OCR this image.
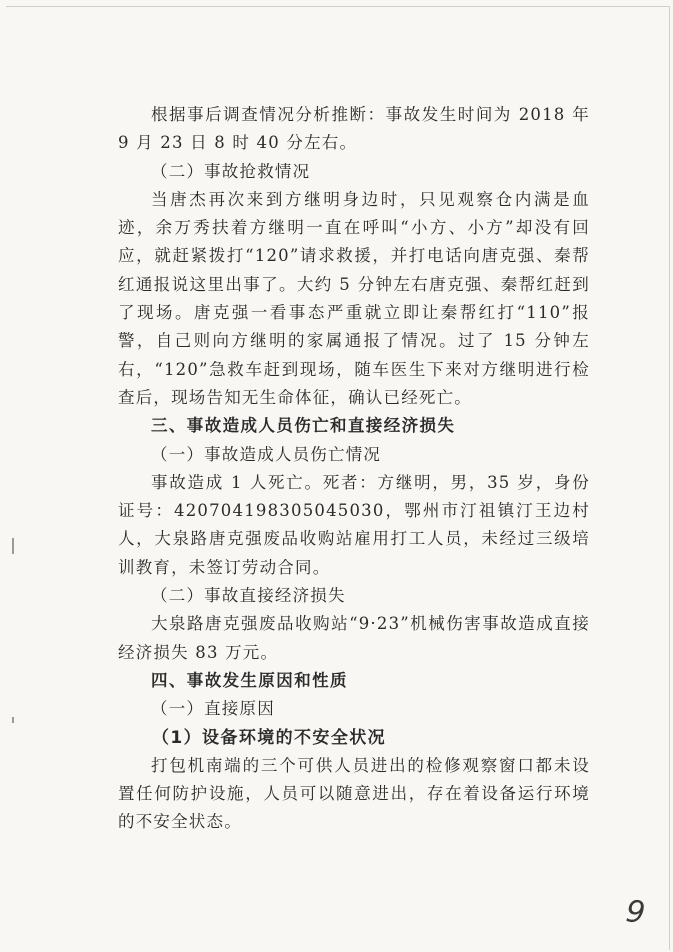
根据事后调查情况分析推断：事故发生时间为 2018 年 9 月 23 日 8 时 40 分左右。

（二）事故抢救情况

当唐杰再次来到方继明身边时，只见观察仓内满是血迹，余万秀扶着方继明一直在呼叫“小方、小方”却没有回应，就赶紧拨打“120”请求救援，并打电话向唐克强、秦帮红通报说这里出事了。大约 5 分钟左右唐克强、秦帮红赶到了现场。唐克强一看事态严重就立即让秦帮红打“110”报警，自己则向方继明的家属通报了情况。过了 15 分钟左右，“120”急救车赶到现场，随车医生下来对方继明进行检查后，现场告知无生命体征，确认已经死亡。

三、事故造成人员伤亡和直接经济损失

（一）事故造成人员伤亡情况

事故造成 1 人死亡。死者：方继明，男，35 岁，身份证号：420704198305045030，鄂州市汀祖镇汀王边村人，大泉路唐克强废品收购站雇用打工人员，未经过三级培训教育，未签订劳动合同。

（二）事故直接经济损失

大泉路唐克强废品收购站“9·23”机械伤害事故造成直接经济损失 83 万元。

四、事故发生原因和性质

（一）直接原因

（1）设备环境的不安全状况

打包机南端的三个可供人员进出的检修观察窗口都未设置任何防护设施，人员可以随意进出，存在着设备运行环境的不安全状态。

9
